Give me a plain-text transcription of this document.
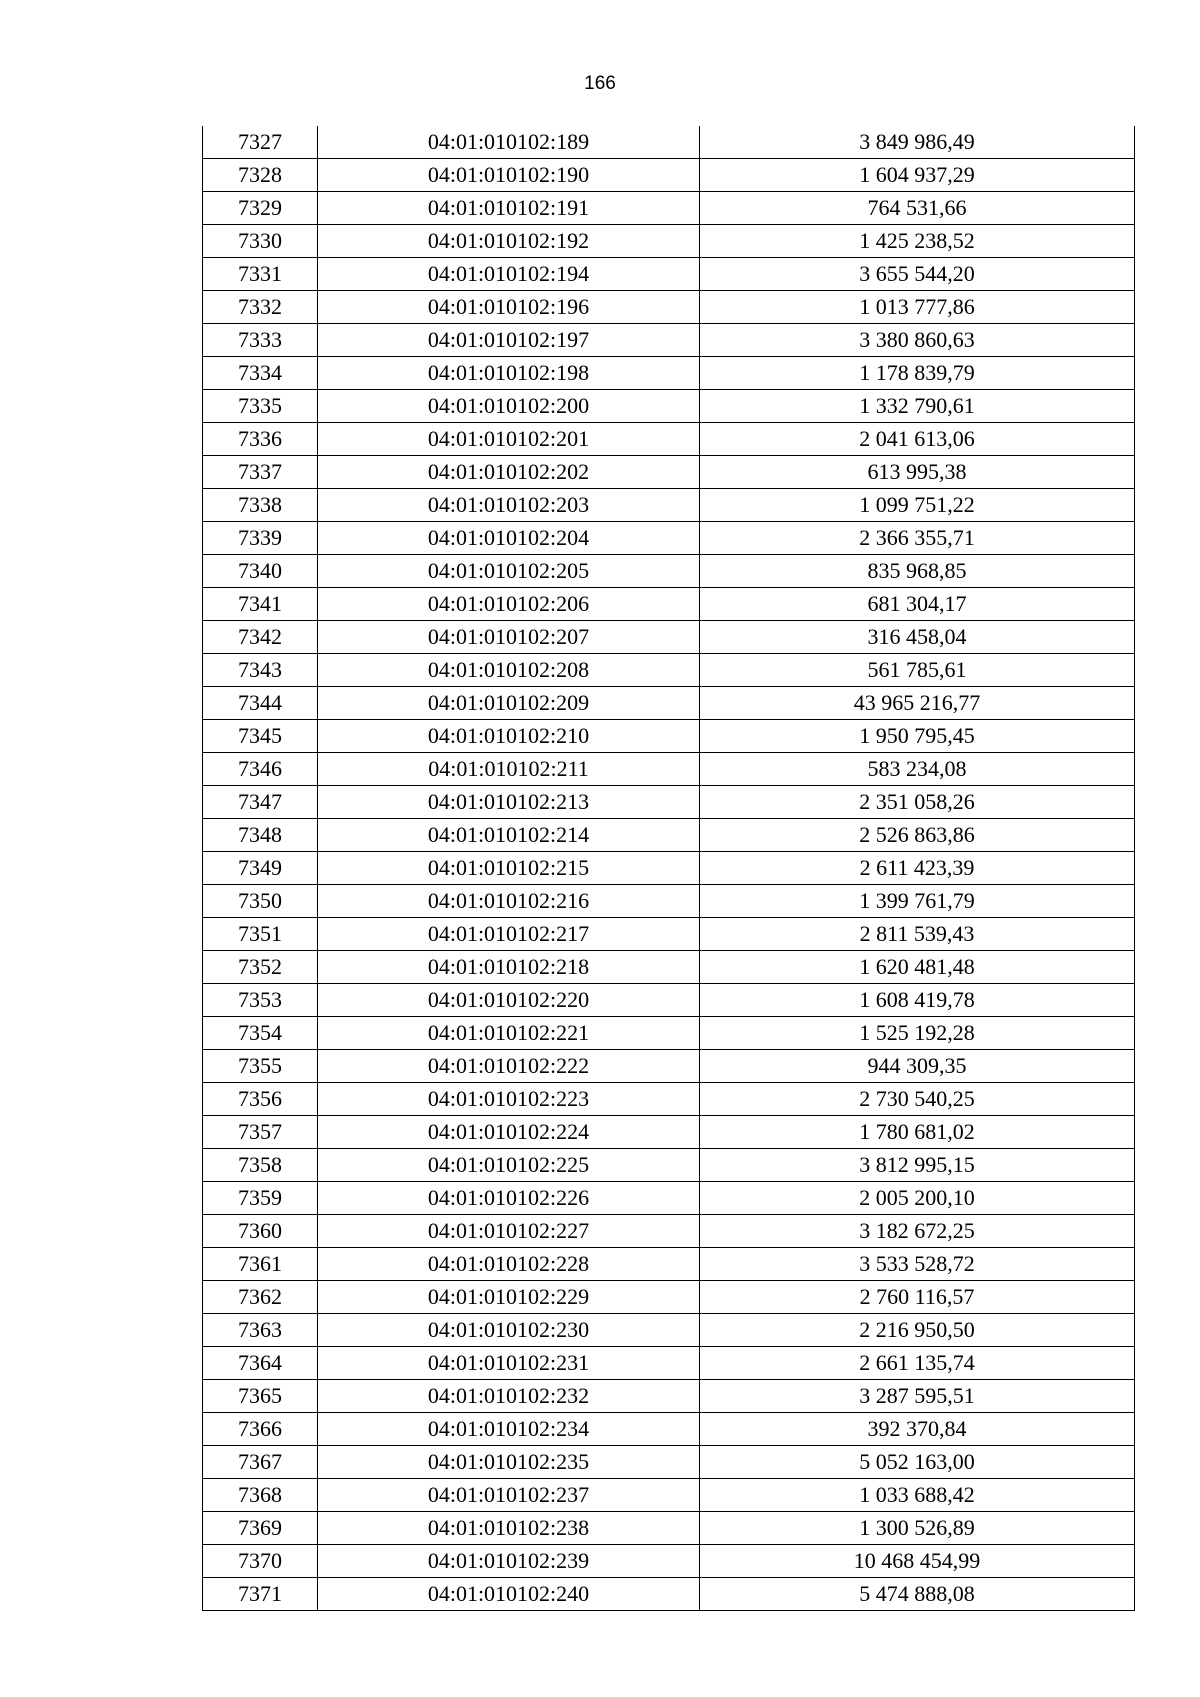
166
7327	04:01:010102:189	3 849 986,49
7328	04:01:010102:190	1 604 937,29
7329	04:01:010102:191	764 531,66
7330	04:01:010102:192	1 425 238,52
7331	04:01:010102:194	3 655 544,20
7332	04:01:010102:196	1 013 777,86
7333	04:01:010102:197	3 380 860,63
7334	04:01:010102:198	1 178 839,79
7335	04:01:010102:200	1 332 790,61
7336	04:01:010102:201	2 041 613,06
7337	04:01:010102:202	613 995,38
7338	04:01:010102:203	1 099 751,22
7339	04:01:010102:204	2 366 355,71
7340	04:01:010102:205	835 968,85
7341	04:01:010102:206	681 304,17
7342	04:01:010102:207	316 458,04
7343	04:01:010102:208	561 785,61
7344	04:01:010102:209	43 965 216,77
7345	04:01:010102:210	1 950 795,45
7346	04:01:010102:211	583 234,08
7347	04:01:010102:213	2 351 058,26
7348	04:01:010102:214	2 526 863,86
7349	04:01:010102:215	2 611 423,39
7350	04:01:010102:216	1 399 761,79
7351	04:01:010102:217	2 811 539,43
7352	04:01:010102:218	1 620 481,48
7353	04:01:010102:220	1 608 419,78
7354	04:01:010102:221	1 525 192,28
7355	04:01:010102:222	944 309,35
7356	04:01:010102:223	2 730 540,25
7357	04:01:010102:224	1 780 681,02
7358	04:01:010102:225	3 812 995,15
7359	04:01:010102:226	2 005 200,10
7360	04:01:010102:227	3 182 672,25
7361	04:01:010102:228	3 533 528,72
7362	04:01:010102:229	2 760 116,57
7363	04:01:010102:230	2 216 950,50
7364	04:01:010102:231	2 661 135,74
7365	04:01:010102:232	3 287 595,51
7366	04:01:010102:234	392 370,84
7367	04:01:010102:235	5 052 163,00
7368	04:01:010102:237	1 033 688,42
7369	04:01:010102:238	1 300 526,89
7370	04:01:010102:239	10 468 454,99
7371	04:01:010102:240	5 474 888,08
